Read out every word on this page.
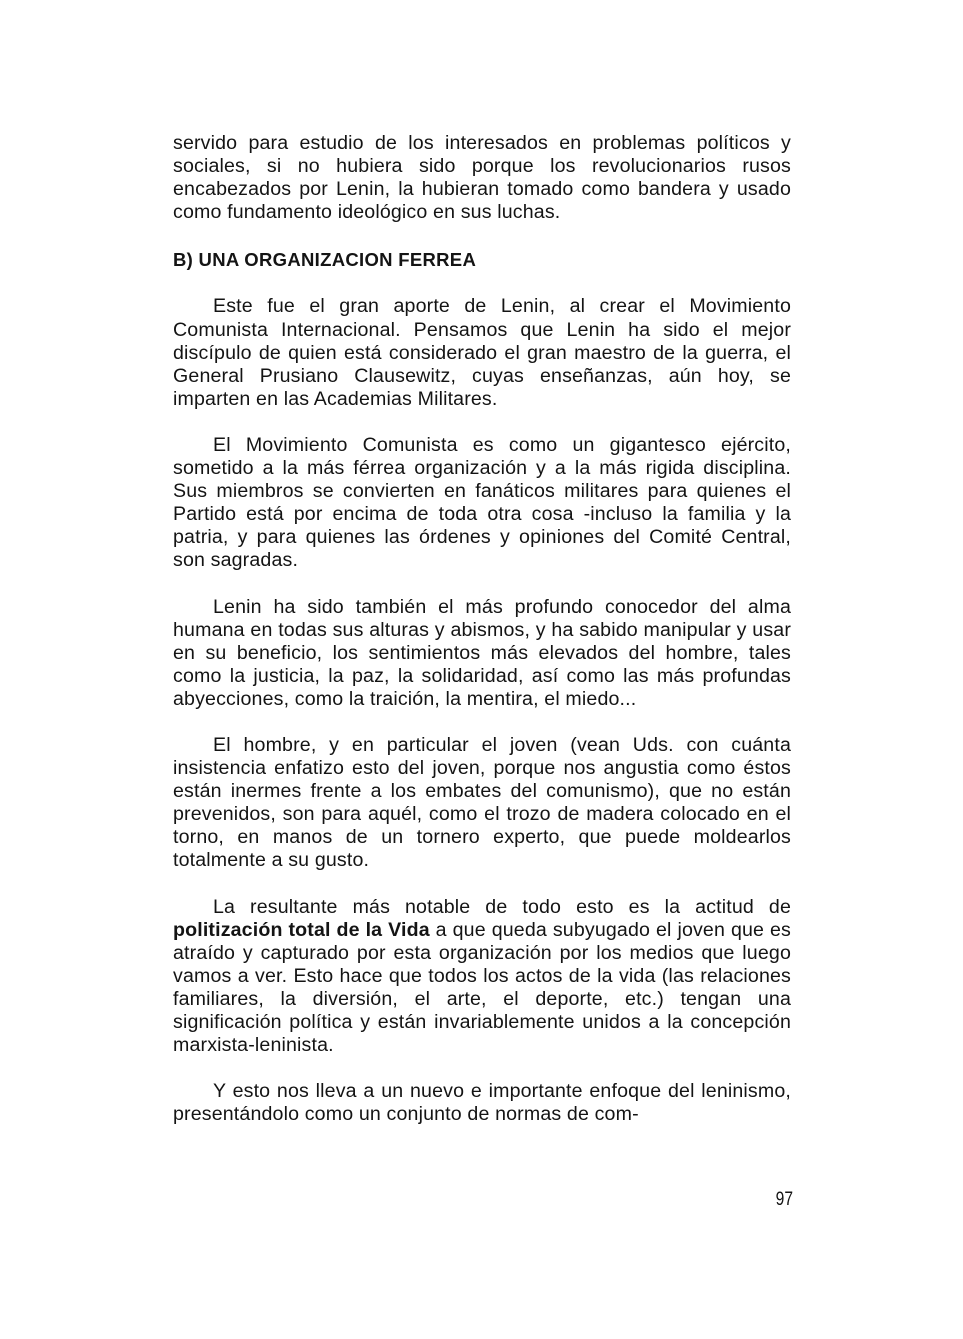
servido para estudio de los interesados en problemas políticos y sociales, si no hubiera sido porque los revolucionarios rusos encabezados por Lenin, la hubieran tomado como bandera y usado como fundamento ideológico en sus luchas.

B) UNA ORGANIZACION FERREA

Este fue el gran aporte de Lenin, al crear el Movimiento Comunista Internacional. Pensamos que Lenin ha sido el mejor discípulo de quien está considerado el gran maestro de la guerra, el General Prusiano Clausewitz, cuyas enseñanzas, aún hoy, se imparten en las Academias Militares.

El Movimiento Comunista es como un gigantesco ejército, sometido a la más férrea organización y a la más rigida disciplina. Sus miembros se convierten en fanáticos militares para quienes el Partido está por encima de toda otra cosa -incluso la familia y la patria, y para quienes las órdenes y opiniones del Comité Central, son sagradas.

Lenin ha sido también el más profundo conocedor del alma humana en todas sus alturas y abismos, y ha sabido manipular y usar en su beneficio, los sentimientos más elevados del hombre, tales como la justicia, la paz, la solidaridad, así como las más profundas abyecciones, como la traición, la mentira, el miedo...

El hombre, y en particular el joven (vean Uds. con cuánta insistencia enfatizo esto del joven, porque nos angustia como éstos están inermes frente a los embates del comunismo), que no están prevenidos, son para aquél, como el trozo de madera colocado en el torno, en manos de un tornero experto, que puede moldearlos totalmente a su gusto.

La resultante más notable de todo esto es la actitud de politización total de la Vida a que queda subyugado el joven que es atraído y capturado por esta organización por los medios que luego vamos a ver. Esto hace que todos los actos de la vida (las relaciones familiares, la diversión, el arte, el deporte, etc.) tengan una significación política y están invariablemente unidos a la concepción marxista-leninista.

Y esto nos lleva a un nuevo e importante enfoque del leninismo, presentándolo como un conjunto de normas de com-

97
